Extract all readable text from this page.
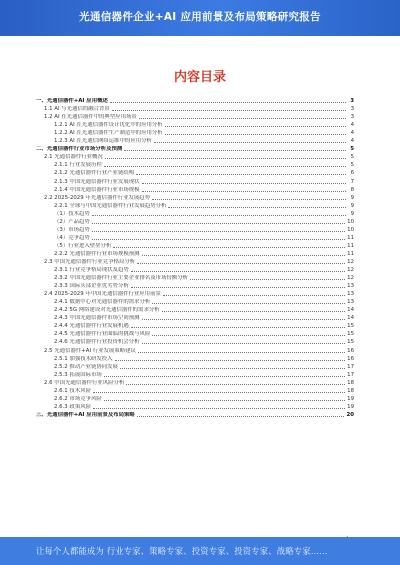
光通信器件企业+AI 应用前景及布局策略研究报告
内容目录
一、光通信器件+AI 应用概述	3
1.1 AI 与光通信的融合背景	3
1.2 AI 在光通信器件中的典型应用场景	3
1.2.1 AI 在光通信器件设计优化中的应用分析	4
1.2.2 AI 在光通信器件生产制造中的应用分析	4
1.2.3 AI 在光通信网络运维中的应用分析	4
二、光通信器件行业市场分析及预测	5
2.1 光通信器件行业概况	5
2.1.1 行业发展历程	5
2.1.2 光通信器件行业产业链结构	6
2.1.3 中国光通信器件行业发展现状	7
2.1.4 中国光通信器件行业市场规模	8
2.2 2025-2029 年光通信器件行业发展趋势	9
2.2.1 全球与中国光通信器件行业发展趋势分析	9
（1）技术趋势	9
（2）产品趋势	10
（3）市场趋势	10
（4）竞争趋势	11
（5）行业进入壁垒分析	11
2.2.2 光通信器件行业市场规模预测	11
2.3 中国光通信器件行业竞争格局分析	12
2.3.1 行业竞争格局现状及趋势	12
2.3.2 中国光通信器件行业主要企业排名及市场份额分析	12
2.3.3 国际头部企业优劣势分析	13
2.4 2025-2029 年中国光通信器件行业应用前景	13
2.4.1 数据中心对光通信器件的需求分析	13
2.4.2 5G 网络建设对光通信器件的需求分析	14
2.4.3 中国光通信器件市场空间预测	14
2.4.4 光通信器件行业发展机遇	15
2.4.5 光通信器件行业面临的挑战与风险	15
2.4.6 光通信器件行业投资机会分析	15
2.5 光通信器件+AI 行业发展策略建议	16
2.5.1 加强技术研发投入	16
2.5.2 推动产业链协同发展	17
2.5.3 拓展国际市场	17
2.6 中国光通信器件行业风险分析	18
2.6.1 技术风险	18
2.6.2 市场竞争风险	19
2.6.3 政策风险	19
三、光通信器件+AI 应用前景及布局策略	20
让每个人都能成为 行业专家、策略专家、投资专家、投资专家、战略专家……
